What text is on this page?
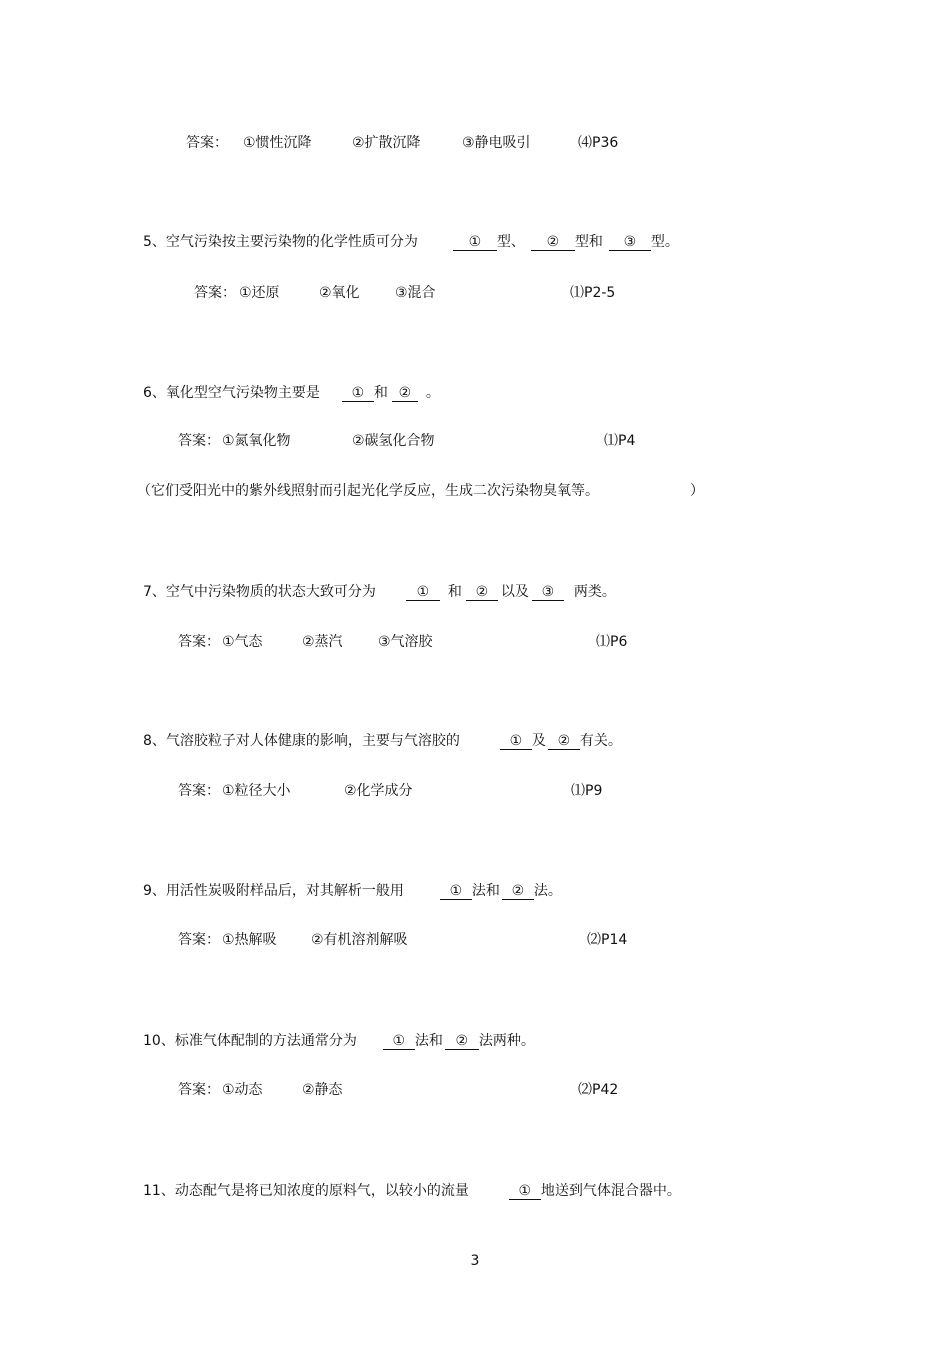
答案： ①惯性沉降	②扩散沉降	③静电吸引	⑷P36
5、空气污染按主要污染物的化学性质可分为	① 型、 ② 型和 ③ 型。
答案： ①还原	②氧化	③混合	⑴P2-5
6、氧化型空气污染物主要是 ① 和 ② 。
答案： ①氮氧化物	②碳氢化合物	⑴P4
（它们受阳光中的紫外线照射而引起光化学反应，生成二次污染物臭氧等。	）
7、空气中污染物质的状态大致可分为	① 和 ② 以及 ③ 两类。
答案： ①气态	②蒸汽	③气溶胶	⑴P6
8、气溶胶粒子对人体健康的影响，主要与气溶胶的	① 及 ② 有关。
答案： ①粒径大小	②化学成分	⑴P9
9、用活性炭吸附样品后，对其解析一般用	① 法和 ② 法。
答案： ①热解吸 ②有机溶剂解吸	⑵P14
10、标准气体配制的方法通常分为	① 法和 ② 法两种。
答案： ①动态	②静态	⑵P42
11、动态配气是将已知浓度的原料气，以较小的流量	① 地送到气体混合器中。
3
